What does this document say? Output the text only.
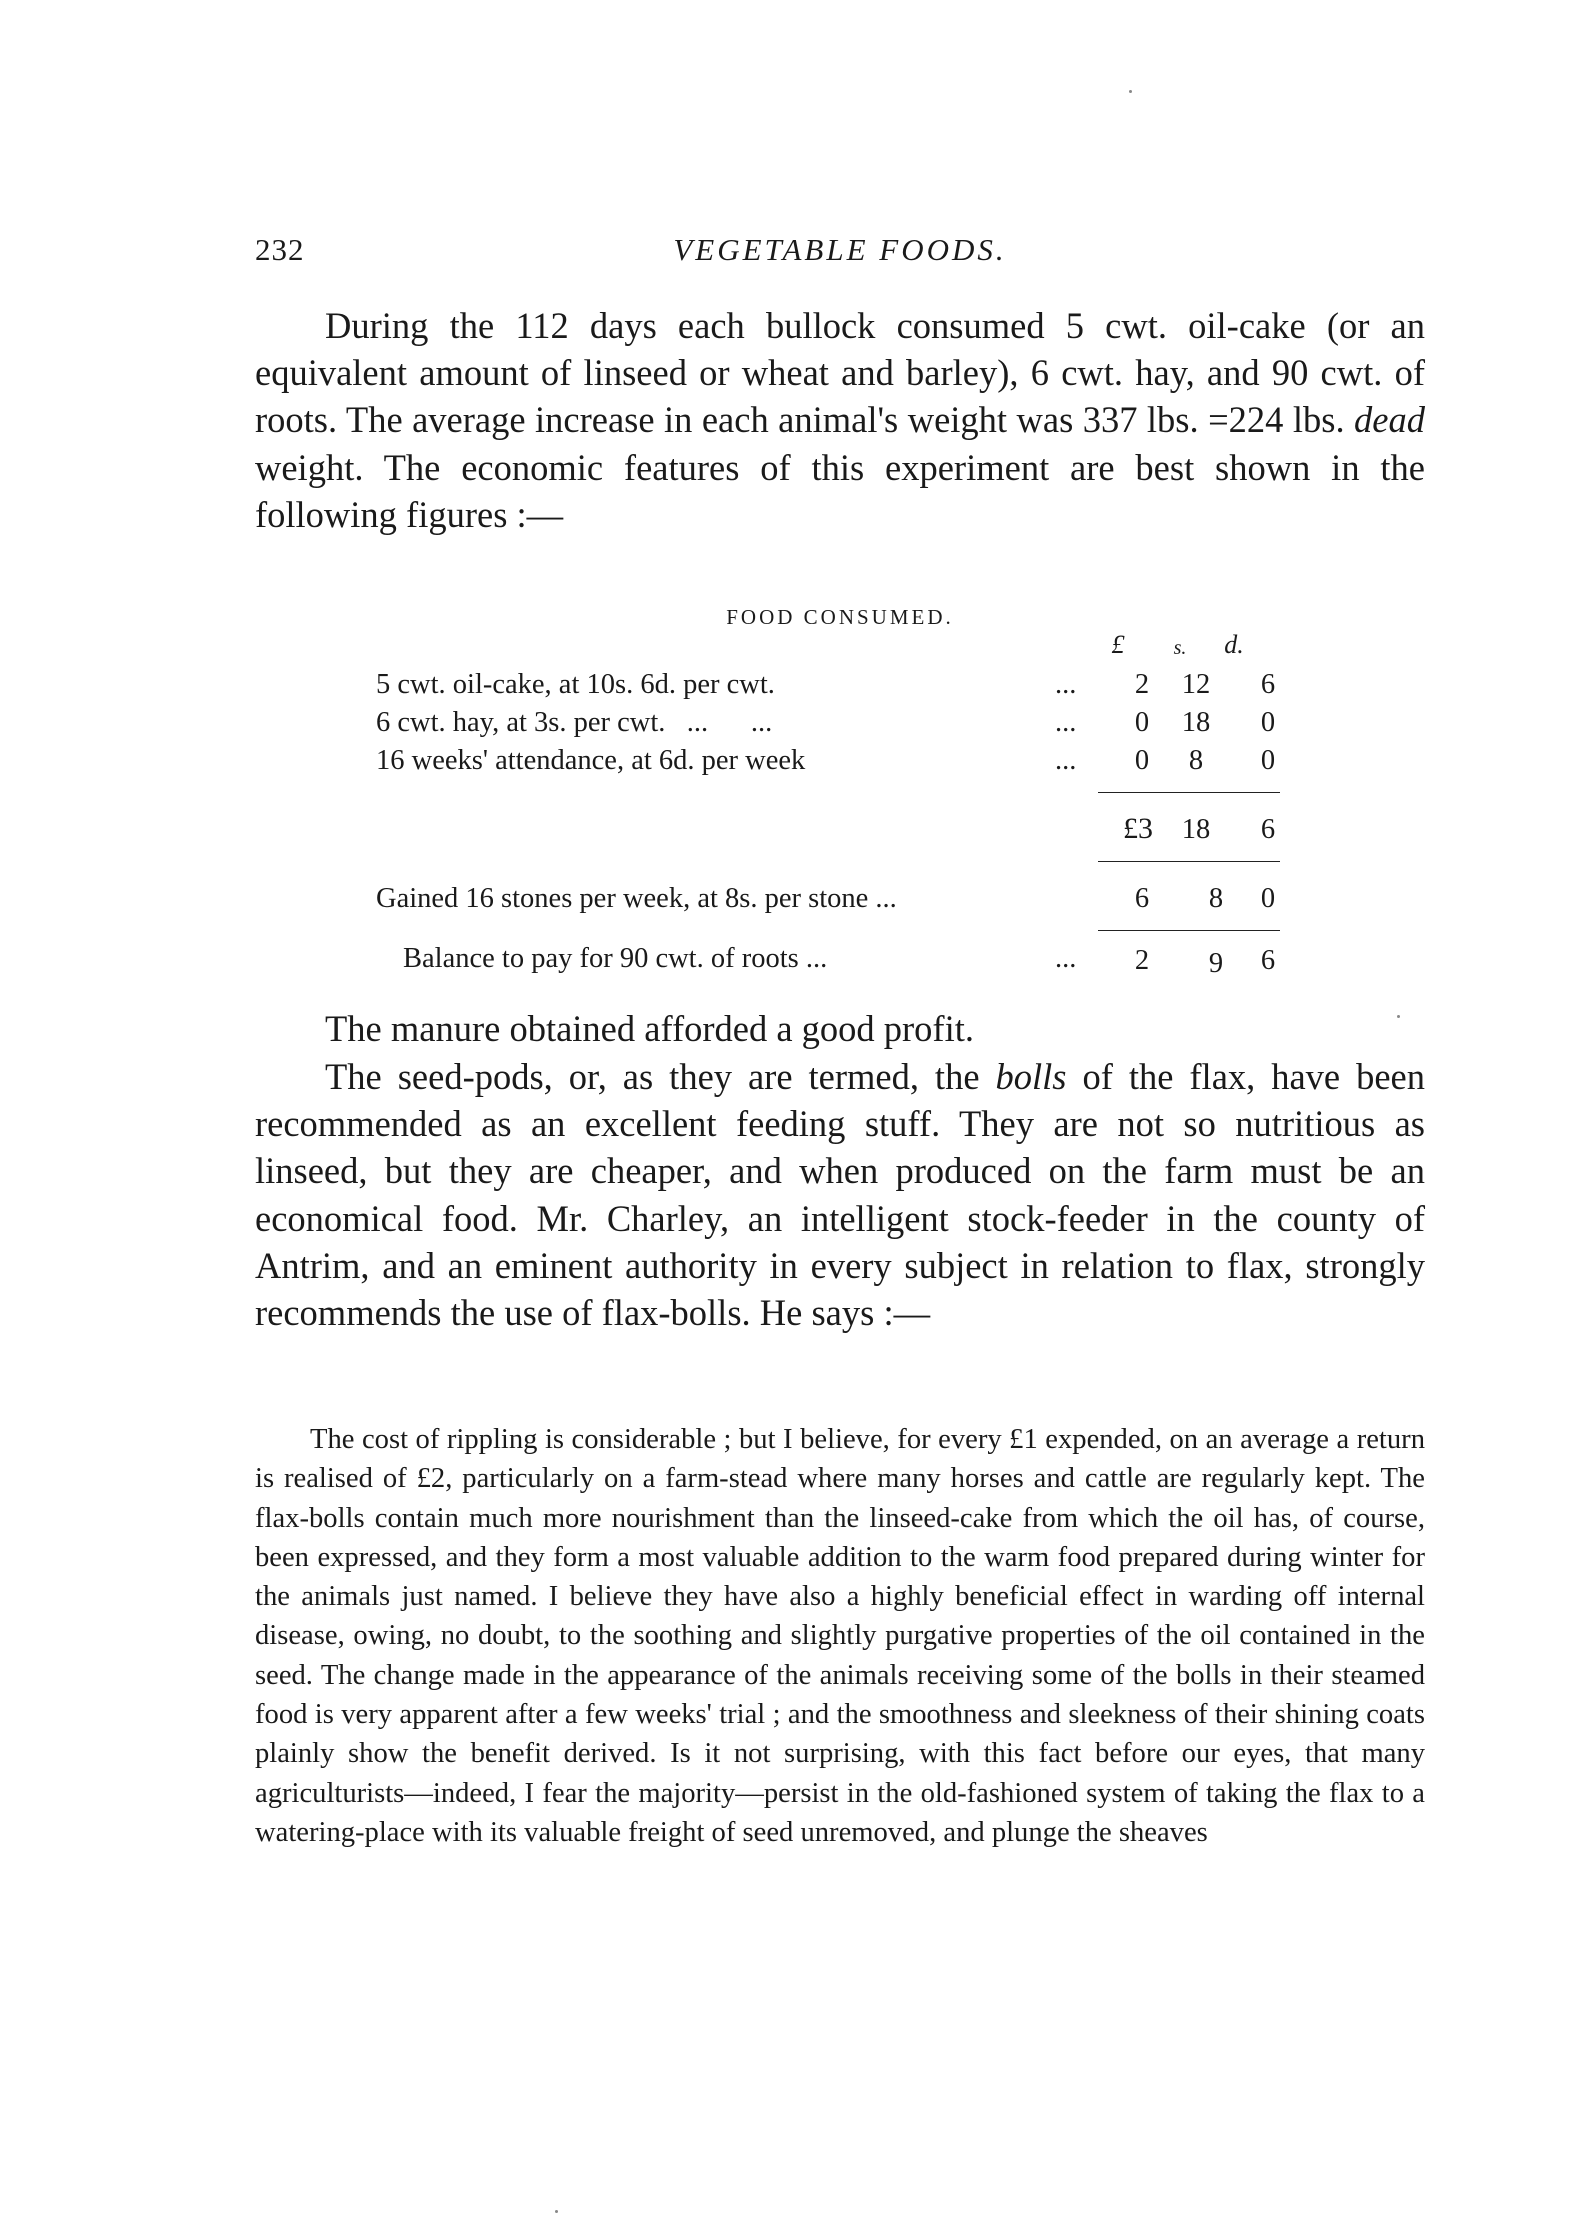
232	VEGETABLE FOODS.

During the 112 days each bullock consumed 5 cwt. oil-cake (or an equivalent amount of linseed or wheat and barley), 6 cwt. hay, and 90 cwt. of roots. The average increase in each animal's weight was 337 lbs. =224 lbs. dead weight. The economic features of this experiment are best shown in the following figures :—

FOOD CONSUMED.
£	s.	d.
5 cwt. oil-cake, at 10s. 6d. per cwt.	...	2	12	6
6 cwt. hay, at 3s. per cwt.   ...      ...	...	0	18	0
16 weeks' attendance, at 6d. per week	...	0	8	0
£3	18	6
Gained 16 stones per week, at 8s. per stone ...	6	8	0
Balance to pay for 90 cwt. of roots ...	...	2	9	6

The manure obtained afforded a good profit.

The seed-pods, or, as they are termed, the bolls of the flax, have been recommended as an excellent feeding stuff. They are not so nutritious as linseed, but they are cheaper, and when produced on the farm must be an economical food. Mr. Charley, an intelligent stock-feeder in the county of Antrim, and an eminent authority in every subject in relation to flax, strongly recommends the use of flax-bolls. He says :—

The cost of rippling is considerable ; but I believe, for every £1 expended, on an average a return is realised of £2, particularly on a farm-stead where many horses and cattle are regularly kept. The flax-bolls contain much more nourishment than the linseed-cake from which the oil has, of course, been expressed, and they form a most valuable addition to the warm food prepared during winter for the animals just named. I believe they have also a highly beneficial effect in warding off internal disease, owing, no doubt, to the soothing and slightly purgative properties of the oil contained in the seed. The change made in the appearance of the animals receiving some of the bolls in their steamed food is very apparent after a few weeks' trial ; and the smoothness and sleekness of their shining coats plainly show the benefit derived. Is it not surprising, with this fact before our eyes, that many agriculturists—indeed, I fear the majority—persist in the old-fashioned system of taking the flax to a watering-place with its valuable freight of seed unremoved, and plunge the sheaves
